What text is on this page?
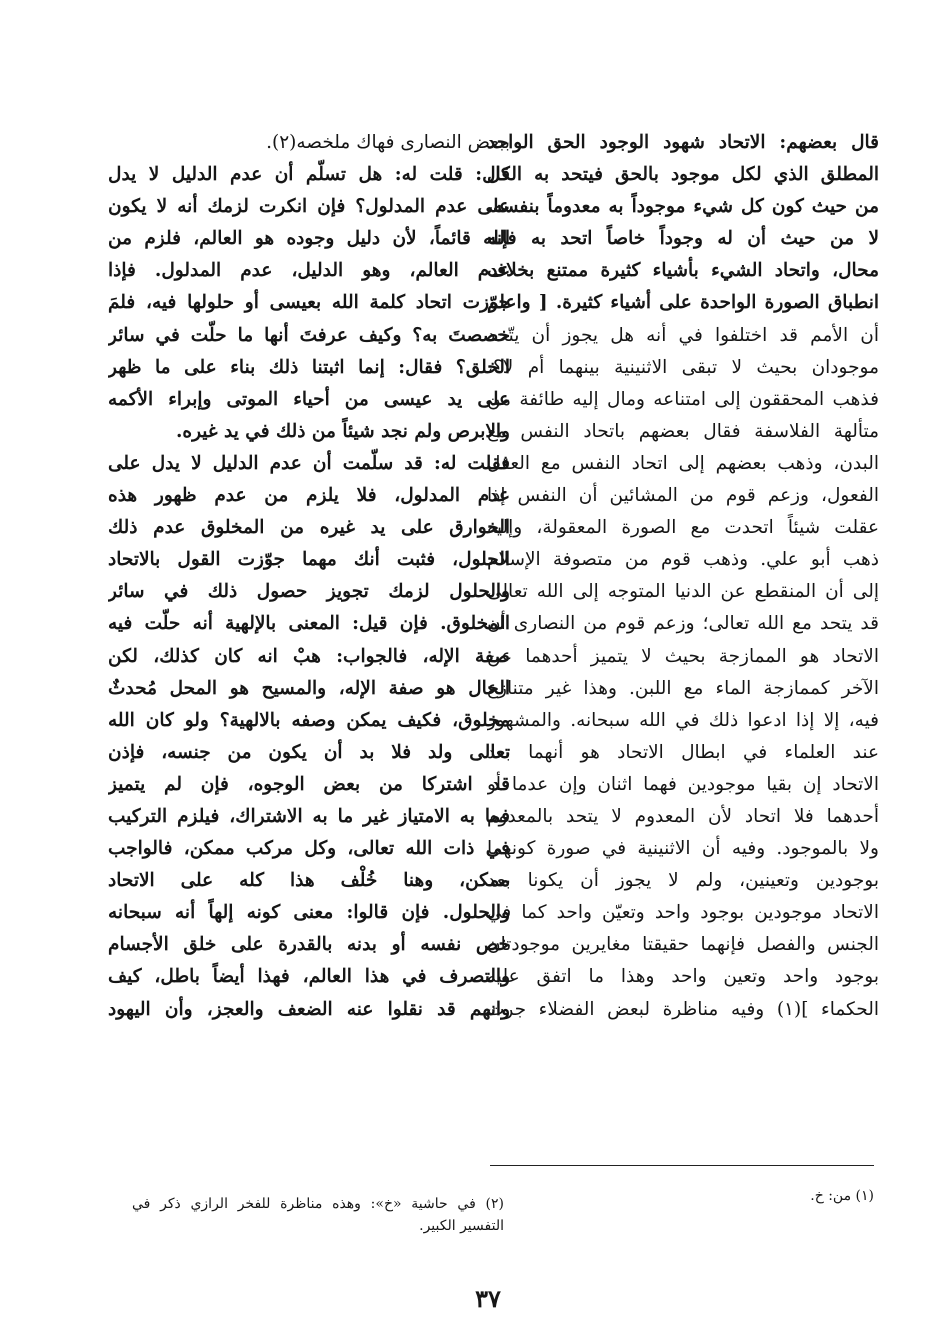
قال بعضهم: الاتحاد شهود الوجود الحق الواحد
المطلق الذي لكل موجود بالحق فيتحد به الكل
من حيث كون كل شيء موجوداً به معدوماً بنفسه،
لا من حيث أن له وجوداً خاصاً اتحد به فإنه
محال، واتحاد الشيء بأشياء كثيرة ممتنع بخلاف
انطباق الصورة الواحدة على أشياء كثيرة. [ واعلم
أن الأمم قد اختلفوا في أنه هل يجوز أن يتّحد
موجودان بحيث لا تبقى الاثنينية بينهما أم لا؟،
فذهب المحققون إلى امتناعه ومال إليه طائفة من
متألهة الفلاسفة فقال بعضهم باتحاد النفس مع
البدن، وذهب بعضهم إلى اتحاد النفس مع العقل
الفعول، وزعم قوم من المشائين أن النفس إذا
عقلت شيئاً اتحدت مع الصورة المعقولة، وإليه
ذهب أبو علي. وذهب قوم من متصوفة الإسلام
إلى أن المنقطع عن الدنيا المتوجه إلى الله تعالى
قد يتحد مع الله تعالى؛ وزعم قوم من النصارى أن
الاتحاد هو الممازجة بحيث لا يتميز أحدهما عن
الآخر كممازجة الماء مع اللبن. وهذا غير متنازع
فيه، إلا إذا ادعوا ذلك في الله سبحانه. والمشهور
عند العلماء في ابطال الاتحاد هو أنهما بعد
الاتحاد إن بقيا موجودين فهما اثنان وإن عدما أو
أحدهما فلا اتحاد لأن المعدوم لا يتحد بالمعدوم
ولا بالموجود. وفيه أن الاثنينية في صورة كونهما
بوجودين وتعينين، ولم لا يجوز أن يكونا بعد
الاتحاد موجودين بوجود واحد وتعيّن واحد كما في
الجنس والفصل فإنهما حقيقتا مغايرين موجودتان
بوجود واحد وتعين واحد وهذا ما اتفق عليه
الحكماء ](١) وفيه مناظرة لبعض الفضلاء جرت
ببعض النصارى فهاك ملخصه(٢).
قال: قلت له: هل تسلّم أن عدم الدليل لا يدل
على عدم المدلول؟ فإن انكرت لزمك أنه لا يكون
الله قائماً، لأن دليل وجوده هو العالم، فلزم من
عدم العالم، وهو الدليل، عدم المدلول. فإذا
جوّزت اتحاد كلمة الله بعيسى أو حلولها فيه، فلمَ
خصصتَ به؟ وكيف عرفتَ أنها ما حلّت في سائر
الخلق؟ فقال: إنما اثبتنا ذلك بناء على ما ظهر
على يد عيسى من أحياء الموتى وإبراء الأكمه
والابرص ولم نجد شيئاً من ذلك في يد غيره.
فقلت له: قد سلّمت أن عدم الدليل لا يدل على
عدم المدلول، فلا يلزم من عدم ظهور هذه
الخوارق على يد غيره من المخلوق عدم ذلك
الحلول، فثبت أنك مهما جوّزت القول بالاتحاد
والحلول لزمك تجويز حصول ذلك في سائر
المخلوق. فإن قيل: المعنى بالإلهية أنه حلّت فيه
صفة الإله، فالجواب: هبْ انه كان كذلك، لكن
الحال هو صفة الإله، والمسيح هو المحل مُحدثٌ
مخلوق، فكيف يمكن وصفه بالالهية؟ ولو كان الله
تعالى ولد فلا بد أن يكون من جنسه، فإذن
قد اشتركا من بعض الوجوه، فإن لم يتميز
فما به الامتياز غير ما به الاشتراك، فيلزم التركيب
في ذات الله تعالى، وكل مركب ممكن، فالواجب
ممكن، وهنا خُلْف هذا كله على الاتحاد
والحلول. فإن قالوا: معنى كونه إلهاً أنه سبحانه
خص نفسه أو بدنه بالقدرة على خلق الأجسام
والتصرف في هذا العالم، فهذا أيضاً باطل، كيف
وانهم قد نقلوا عنه الضعف والعجز، وأن اليهود
(١) من: خ.
(٢) في حاشية «خ»: وهذه مناظرة للفخر الرازي ذكر في
التفسير الكبير.
٣٧
